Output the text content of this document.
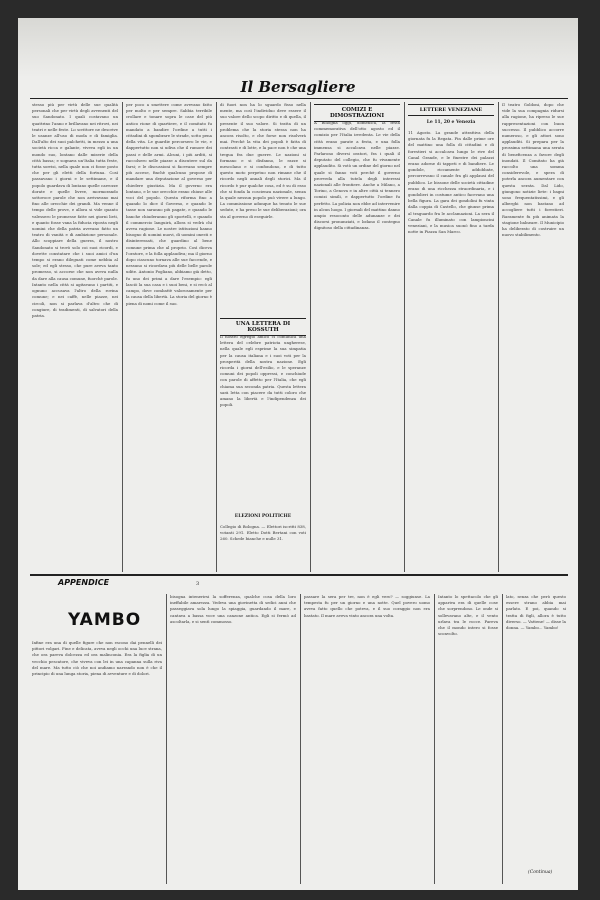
Il Bersagliere
stesso più per virtù delle sue qualità personali che per virtù degli avvenenti del suo Sandonato. I quali costavano un quattrino l'anno e brillavano nei ritrovi, nei teatri e nelle feste. Lo scrittore ne descrive le usanze all'uso di moda e di famiglia. Dall'alto dei suoi palchetti, in mezzo a una società ricca e galante, viveva egli in un mondo suo, lontano dalle miserie della città bassa; e sognava un'Italia tutta feste, tutta sorrisi, nella quale non ci fosse posto che per gli eletti della fortuna. Così passavano i giorni e le settimane, e il popolo guardava di lontano quelle carrozze dorate e quelle livree, mormorando sottovoce parole che non arrivavano mai fino alle orecchie dei grandi. Ma venne il tempo delle prove, e allora si vide quanto valessero le promesse fatte nei giorni lieti, e quanto fosse vana la fiducia riposta negli uomini che della patria avevano fatto un teatro di vanità e di ambizione personale. Allo scoppiare della guerra, il nostro Sandonato si trovò solo coi suoi ricordi, e dovette constatare che i suoi amici d'un tempo si erano dileguati come nebbia al sole; ed egli stesso, che pure aveva tanto promesso, si accorse che non aveva nulla da dare alla causa comune, fuorchè parole. Intanto nella città si agitavano i partiti, e ognuno accusava l'altro della rovina comune; e nei caffè, nelle piazze, nei circoli, non si parlava d'altro che di congiure, di tradimenti, di salvatori della patria.
per poco a smettere come avevano fatto per molto e per sempre. Sabbia terribile crollare e tonare sopra le case del più antico rione di quartiere, e il comitato fu mandato a bandire l'ordine a tutti i cittadini di sgombrare le strade, sotto pena della vita. Le guardie percorsero le vie, e dappertutto non si udiva che il rumore dei passi e delle armi. Alcuni, i più arditi, si raccolsero nelle piazze a discutere sul da farsi; e le discussioni si facevano sempre più accese, finchè qualcuno propose di mandare una deputazione al governo per chiedere giustizia. Ma il governo era lontano, e le sue orecchie erano chiuse alle voci del popolo. Questa riforma fino a quando lo dice il Governo, e quando le tasse non saranno più pagate, e quando le banche chiuderanno gli sportelli, e quando il commercio languirà, allora si vedrà chi aveva ragione. Le nostre istituzioni hanno bisogno di uomini nuovi, di uomini onesti e disinteressati, che guardino al bene comune prima che al proprio. Così diceva l'oratore, e la folla applaudiva; ma il giorno dopo ciascuno tornava alle sue faccende, e nessuno si ricordava più delle belle parole udite. Antonio Fogliano, abbiamo già detto, fu uno dei primi a dare l'esempio: egli lasciò la sua casa e i suoi beni, e si recò al campo, dove combattè valorosamente per la causa della libertà. La storia del giorno è piena di nomi come il suo.
di fuori non ha lo sguardo fisso nella mente, ma così l'individuo deve essere il suo valore dello scopo diritto e di quella, il presente il suo valore. Si tratta di un problema che la storia stessa non ha ancora risolto, e che forse non risolverà mai. Perchè la vita dei popoli è fatta di contrasti e di lotte, e la pace non è che una tregua fra due guerre. Le nazioni si formano e si disfanno, le razze si mescolano e si confondono, e di tutto questo moto perpetuo non rimane che il ricordo negli annali degli storici. Ma il ricordo è pur qualche cosa, ed è su di esso che si fonda la coscienza nazionale, senza la quale nessun popolo può vivere a lungo. La commissione adunque ha tenuto le sue sedute, e ha preso le sue deliberazioni; ora sta al governo di eseguirle.
UNA LETTERA DI KOSSUTH
Il nostro egregio amico ci comunica una lettera del celebre patriota ungherese, nella quale egli esprime la sua simpatia per la causa italiana e i suoi voti per la prosperità della nostra nazione. Egli ricorda i giorni dell'esilio, e le speranze comuni dei popoli oppressi, e conchiude con parole di affetto per l'Italia, che egli chiama sua seconda patria. Questa lettera sarà letta con piacere da tutti coloro che amano la libertà e l'indipendenza dei popoli.
ELEZIONI POLITICHE
Collegio di Bologna. — Elettori iscritti 838, votanti 291. Eletto Dotti Bertani con voti 260. Schede bianche e nulle 31.
COMIZI E DIMOSTRAZIONI
A Bologna oggi, domenica, la festa commemorativa dell'otto agosto ed il comizio per l'Italia irredenta. Le vie della città erano parate a festa, e una folla immensa si accalcava nelle piazze. Parlarono diversi oratori, fra i quali il deputato del collegio, che fu vivamente applaudito. Si votò un ordine del giorno nel quale si fanno voti perchè il governo provveda alla tutela degli interessi nazionali alle frontiere. Anche a Milano, a Torino, a Genova e in altre città si tennero comizi simili, e dappertutto l'ordine fu perfetto. La polizia non ebbe ad intervenire in alcun luogo. I giornali del mattino danno ampio resoconto delle adunanze e dei discorsi pronunziati, e lodano il contegno dignitoso della cittadinanza.
LETTERE VENEZIANE
Le 11, 20 e Venezia
11 Agosto. La grande attrattiva della giornata fu la Regata. Fin dalle prime ore del mattino una folla di cittadini e di forestieri si accalcava lungo le rive del Canal Grande, e le finestre dei palazzi erano adorne di tappeti e di bandiere. Le gondole, riccamente addobbate, percorrevano il canale fra gli applausi del pubblico. Le bissone delle società cittadine erano di una ricchezza straordinaria, e i gondolieri in costume antico facevano una bella figura. La gara dei gondolini fu vinta dalla coppia di Castello, che giunse prima al traguardo fra le acclamazioni. La sera il Canale fu illuminato con lampioncini veneziani, e la musica suonò fino a tarda notte in Piazza San Marco.
Il teatro Goldoni, dopo che vide la sua compagnia ridursi alla ragione, ha ripreso le sue rappresentazioni con buon successo. Il pubblico accorre numeroso, e gli attori sono applauditi. Si prepara per la prossima settimana una serata di beneficenza a favore degli inondati. Il Comitato ha già raccolto una somma considerevole, e spera di poterla ancora aumentare con questa serata. Dal Lido, giungono notizie liete: i bagni sono frequentatissimi, e gli alberghi non bastano ad accogliere tutti i forestieri. Raramente fu più animata la stagione balneare. Il Municipio ha deliberato di costruire un nuovo stabilimento.
APPENDICE	3
YAMBO
Infine era una di quelle figure che non escono dai pennelli dei pittori volgari. Fine e delicata, aveva negli occhi una luce strana, che ora pareva dolcezza ed ora malinconia. Era la figlia di un vecchio pescatore, che viveva con lei in una capanna sulla riva del mare. Ma tutto ciò che noi andiamo narrando non è che il principio di una lunga storia, piena di avventure e di dolori.
bisogna intenerirsi la sofferenza, qualche cosa della loro ineffabile amarezza. Vedeva una giovinetta di sedici anni che passeggiava sola lungo la spiaggia, guardando il mare, e cantava a bassa voce una canzone antica. Egli si fermò ad ascoltarla, e si sentì commosso.
passare la sera per tre, non è egli vero? — soggiunse. La tempesta fu per un giorno e una notte. Quel povero uomo aveva fatto quello che poteva, e il suo coraggio non era bastato. Il mare aveva vinto ancora una volta.
Intanto lo spettacolo che gli appariva era di quelle cose che sorprendono. Le onde si sollevavano alte, e il vento urlava tra le rocce. Pareva che il mondo intero si fosse sconvolto.
lato, senza che però questo essere strano abbia mai parlato. E poi, quando si tratta di figli, allora è tutto diverso. — Vattene! — disse la donna. — Yambo... Yambo!
(Continua)
